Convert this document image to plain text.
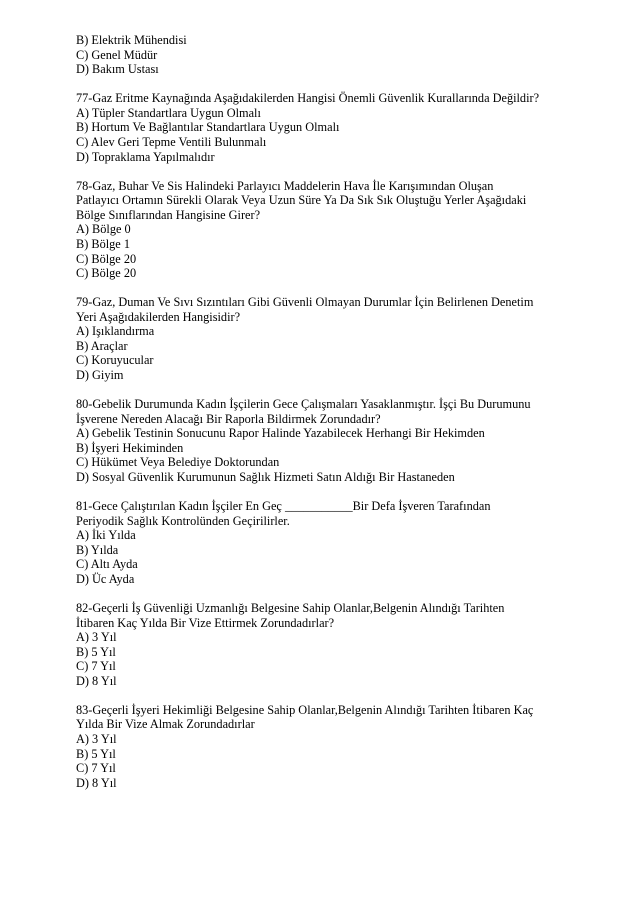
B) Elektrik Mühendisi
C) Genel Müdür
D) Bakım Ustası
77-Gaz Eritme Kaynağında Aşağıdakilerden Hangisi Önemli Güvenlik Kurallarında Değildir?
A) Tüpler Standartlara Uygun Olmalı
B) Hortum Ve Bağlantılar Standartlara Uygun Olmalı
C) Alev Geri Tepme Ventili Bulunmalı
D) Topraklama Yapılmalıdır
78-Gaz, Buhar Ve Sis Halindeki Parlayıcı Maddelerin Hava İle Karışımından Oluşan
Patlayıcı Ortamın Sürekli Olarak Veya Uzun Süre Ya Da Sık Sık Oluştuğu Yerler Aşağıdaki
Bölge Sınıflarından Hangisine Girer?
A) Bölge 0
B) Bölge 1
C) Bölge 20
C) Bölge 20
79-Gaz, Duman Ve Sıvı Sızıntıları Gibi Güvenli Olmayan Durumlar İçin Belirlenen Denetim
Yeri Aşağıdakilerden Hangisidir?
A) Işıklandırma
B) Araçlar
C) Koruyucular
D) Giyim
80-Gebelik Durumunda Kadın İşçilerin Gece Çalışmaları Yasaklanmıştır. İşçi Bu Durumunu
İşverene Nereden Alacağı Bir Raporla Bildirmek Zorundadır?
A) Gebelik Testinin Sonucunu Rapor Halinde Yazabilecek Herhangi Bir Hekimden
B) İşyeri Hekiminden
C) Hükümet Veya Belediye Doktorundan
D) Sosyal Güvenlik Kurumunun Sağlık Hizmeti Satın Aldığı Bir Hastaneden
81-Gece Çalıştırılan Kadın İşçiler En Geç ___________Bir Defa İşveren Tarafından
Periyodik Sağlık Kontrolünden Geçirilirler.
A) İki Yılda
B) Yılda
C) Altı Ayda
D) Üc Ayda
82-Geçerli İş Güvenliği Uzmanlığı Belgesine Sahip Olanlar,Belgenin Alındığı Tarihten
İtibaren Kaç Yılda Bir Vize Ettirmek Zorundadırlar?
A) 3 Yıl
B) 5 Yıl
C) 7 Yıl
D) 8 Yıl
83-Geçerli İşyeri Hekimliği Belgesine Sahip Olanlar,Belgenin Alındığı Tarihten İtibaren Kaç
Yılda Bir Vize Almak Zorundadırlar
A) 3 Yıl
B) 5 Yıl
C) 7 Yıl
D) 8 Yıl
